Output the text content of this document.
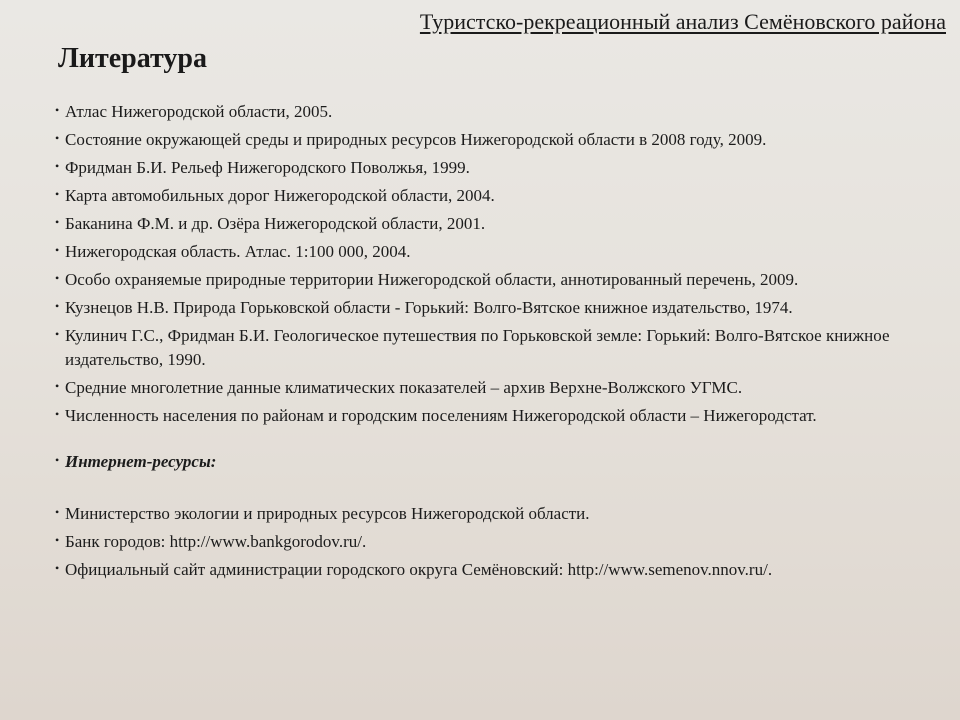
Туристско-рекреационный анализ Семёновского района
Литература
• Атлас Нижегородской области, 2005.
• Состояние окружающей среды и природных ресурсов Нижегородской области в 2008 году, 2009.
• Фридман Б.И. Рельеф Нижегородского Поволжья, 1999.
• Карта автомобильных дорог Нижегородской области, 2004.
• Баканина Ф.М. и др. Озёра Нижегородской области, 2001.
• Нижегородская область. Атлас. 1:100 000, 2004.
• Особо охраняемые природные территории Нижегородской области, аннотированный перечень, 2009.
• Кузнецов Н.В. Природа Горьковской области - Горький: Волго-Вятское книжное издательство, 1974.
• Кулинич Г.С., Фридман Б.И. Геологическое путешествия по Горьковской земле: Горький: Волго-Вятское книжное издательство, 1990.
• Средние многолетние данные климатических показателей – архив Верхне-Волжского УГМС.
• Численность населения по районам и городским поселениям Нижегородской области – Нижегородстат.
• Интернет-ресурсы:
• Министерство экологии и природных ресурсов Нижегородской области.
• Банк городов: http://www.bankgorodov.ru/.
• Официальный сайт администрации городского округа Семёновский: http://www.semenov.nnov.ru/.
